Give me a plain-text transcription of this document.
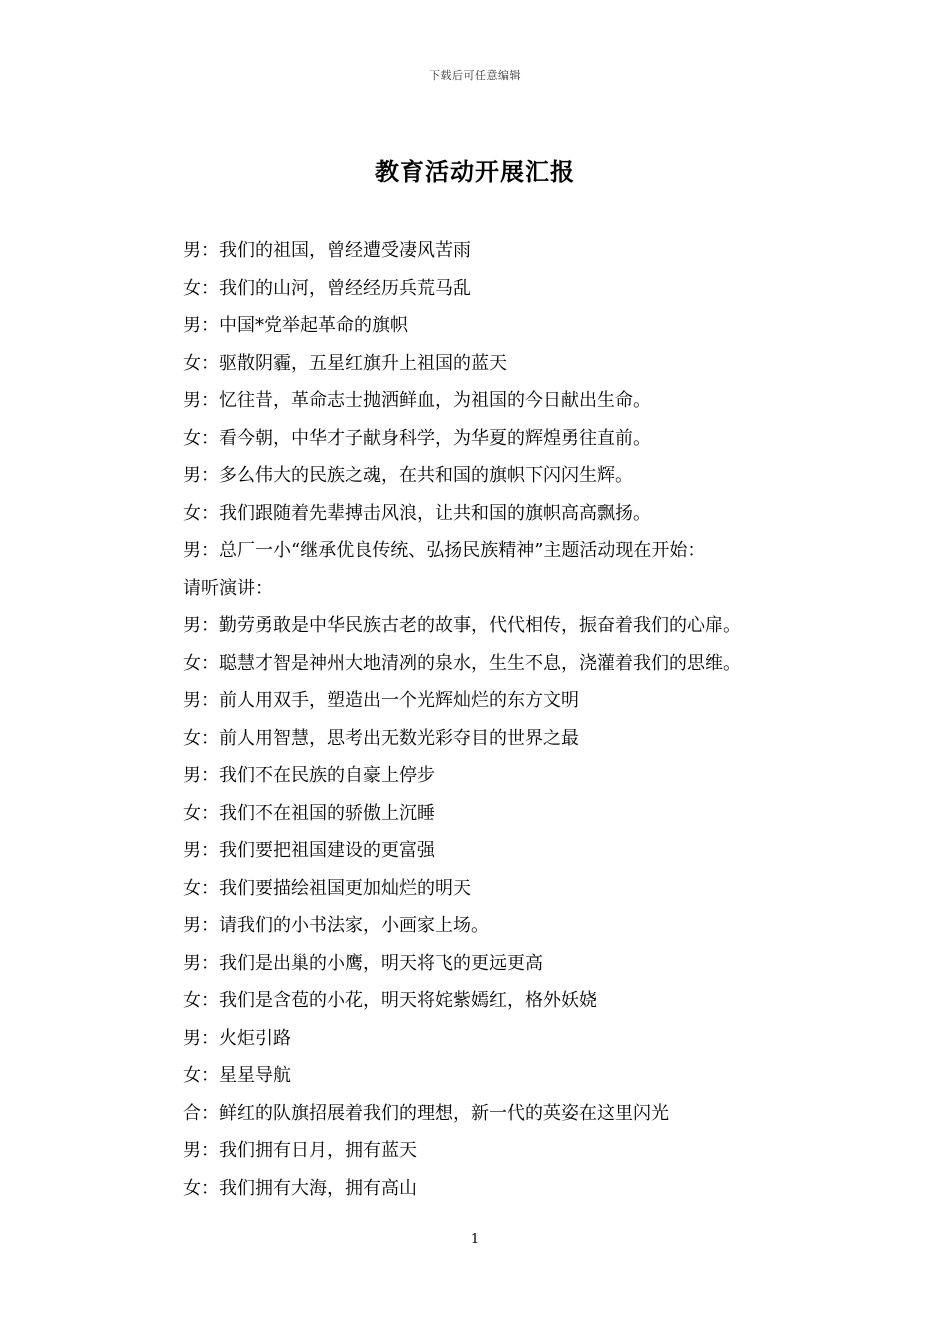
下载后可任意编辑
教育活动开展汇报
男：我们的祖国，曾经遭受凄风苦雨
女：我们的山河，曾经经历兵荒马乱
男：中国*党举起革命的旗帜
女：驱散阴霾，五星红旗升上祖国的蓝天
男：忆往昔，革命志士抛洒鲜血，为祖国的今日献出生命。
女：看今朝，中华才子献身科学，为华夏的辉煌勇往直前。
男：多么伟大的民族之魂，在共和国的旗帜下闪闪生辉。
女：我们跟随着先辈搏击风浪，让共和国的旗帜高高飘扬。
男：总厂一小“继承优良传统、弘扬民族精神”主题活动现在开始：
请听演讲：
男：勤劳勇敢是中华民族古老的故事，代代相传，振奋着我们的心扉。
女：聪慧才智是神州大地清冽的泉水，生生不息，浇灌着我们的思维。
男：前人用双手，塑造出一个光辉灿烂的东方文明
女：前人用智慧，思考出无数光彩夺目的世界之最
男：我们不在民族的自豪上停步
女：我们不在祖国的骄傲上沉睡
男：我们要把祖国建设的更富强
女：我们要描绘祖国更加灿烂的明天
男：请我们的小书法家，小画家上场。
男：我们是出巢的小鹰，明天将飞的更远更高
女：我们是含苞的小花，明天将姹紫嫣红，格外妖娆
男：火炬引路
女：星星导航
合：鲜红的队旗招展着我们的理想，新一代的英姿在这里闪光
男：我们拥有日月，拥有蓝天
女：我们拥有大海，拥有高山
1
